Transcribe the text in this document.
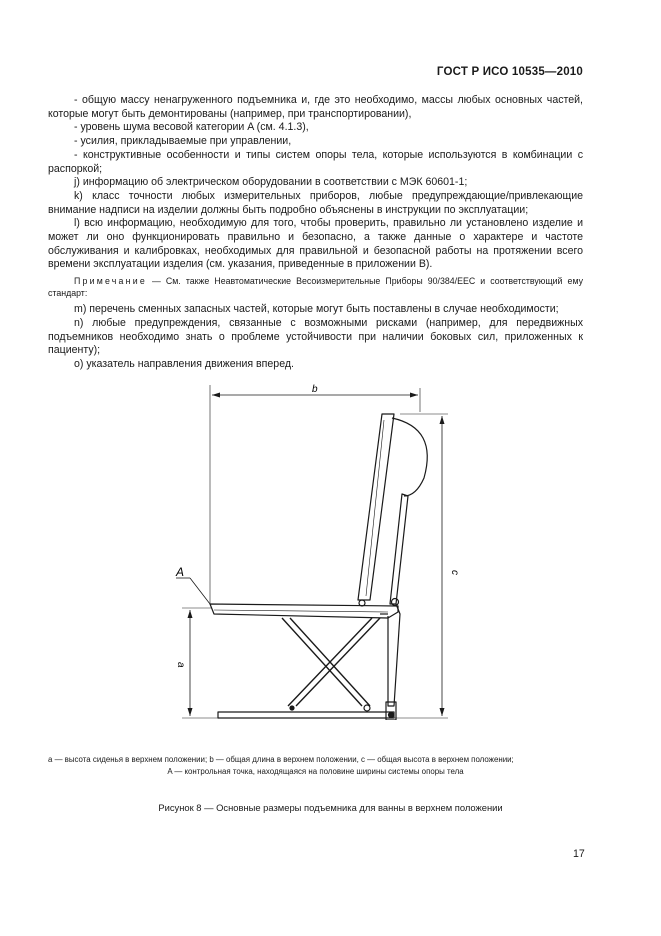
ГОСТ Р ИСО 10535—2010

- общую массу ненагруженного подъемника и, где это необходимо, массы любых основных частей, которые могут быть демонтированы (например, при транспортировании),

- уровень шума весовой категории A (см. 4.1.3),

- усилия, прикладываемые при управлении,

- конструктивные особенности и типы систем опоры тела, которые используются в комбинации с распоркой;

j) информацию об электрическом оборудовании в соответствии с МЭК 60601-1;

k) класс точности любых измерительных приборов, любые предупреждающие/привлекающие внимание надписи на изделии должны быть подробно объяснены в инструкции по эксплуатации;

l) всю информацию, необходимую для того, чтобы проверить, правильно ли установлено изделие и может ли оно функционировать правильно и безопасно, а также данные о характере и частоте обслуживания и калибровках, необходимых для правильной и безопасной работы на протяжении всего времени эксплуатации изделия (см. указания, приведенные в приложении B).

Примечание — См. также Неавтоматические Весоизмерительные Приборы 90/384/EEC и соответствующий ему стандарт:

m) перечень сменных запасных частей, которые могут быть поставлены в случае необходимости;

n) любые предупреждения, связанные с возможными рисками (например, для передвижных подъемников необходимо знать о проблеме устойчивости при наличии боковых сил, приложенных к пациенту);

o) указатель направления движения вперед.

b
c
a
A

a — высота сиденья в верхнем положении; b — общая длина в верхнем положении, c — общая высота в верхнем положении;

A — контрольная точка, находящаяся на половине ширины системы опоры тела

Рисунок 8 — Основные размеры подъемника для ванны в верхнем положении
17
